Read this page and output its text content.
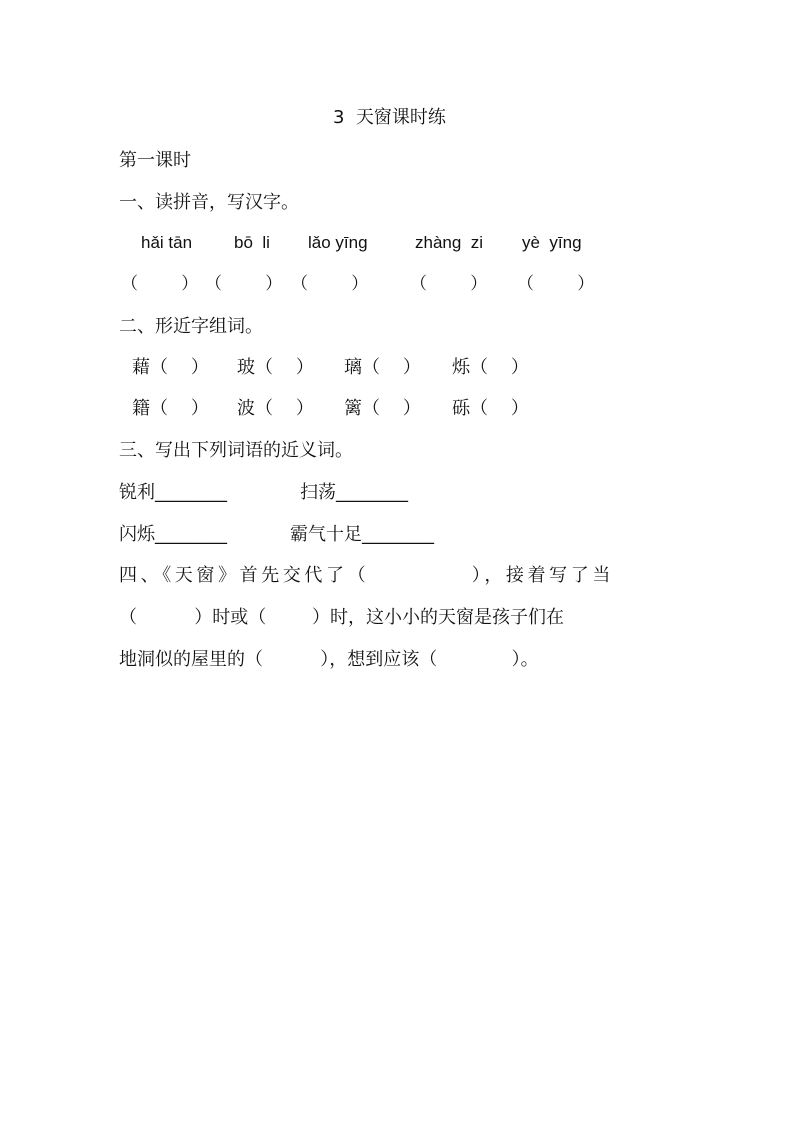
3  天窗课时练
第一课时
一、读拼音，写汉字。
hǎi tān bō  li lǎo yīng	zhàng  zi yè  yīng
（        ） （        ） （        ） （        ） （        ）
二、形近字组词。
藉（    ） 玻（    ） 璃（    ） 烁（    ）
籍（    ） 波（    ） 篱（    ） 砾（    ）
三、写出下列词语的近义词。
锐利________	扫荡________
闪烁________	霸气十足________
四、《天窗》首先交代了（           ），接着写了当
（          ）时或（        ）时，这小小的天窗是孩子们在
地洞似的屋里的（          ），想到应该（             ）。
